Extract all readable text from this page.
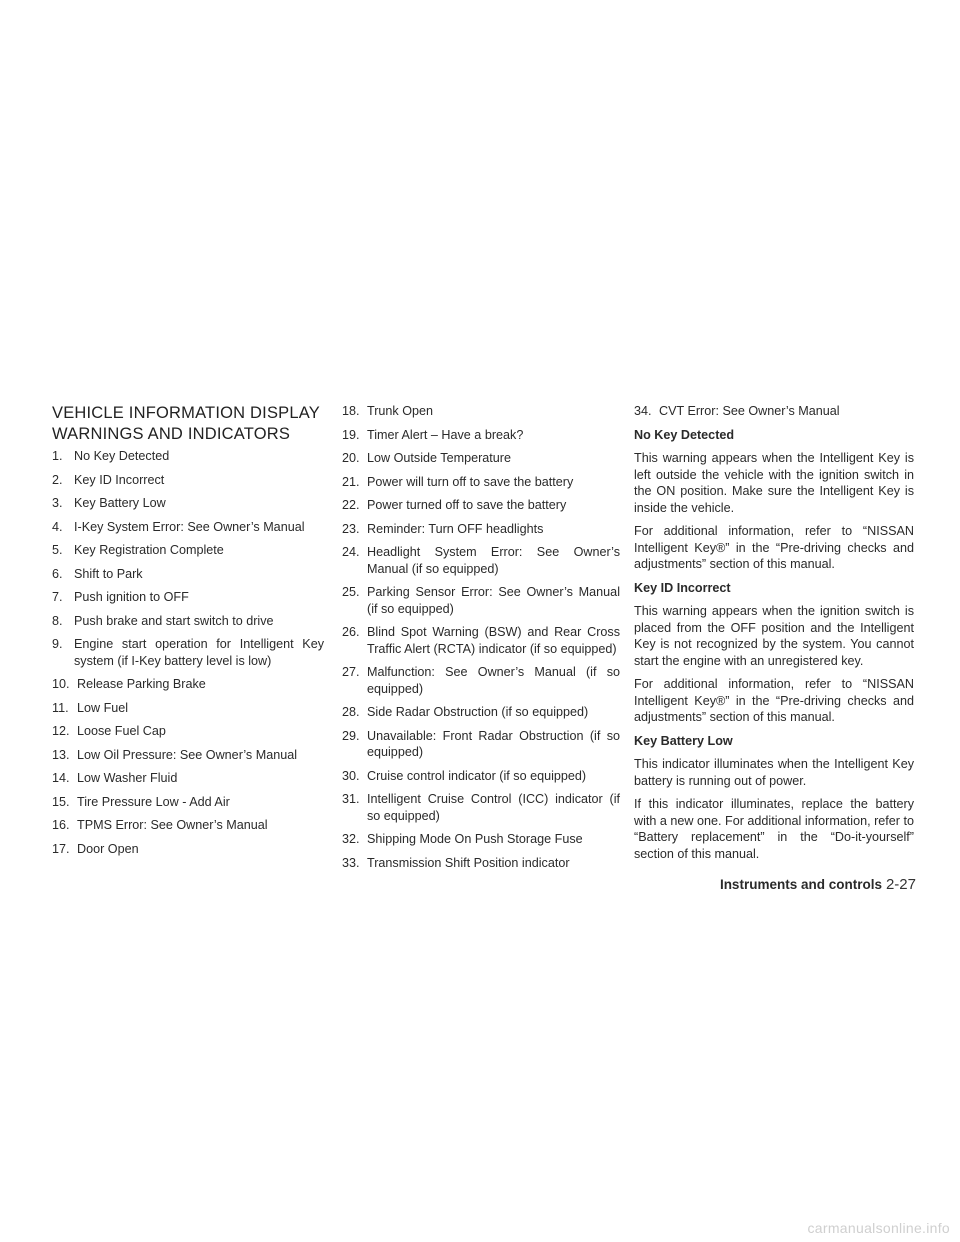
VEHICLE INFORMATION DISPLAY
WARNINGS AND INDICATORS
1. No Key Detected
2. Key ID Incorrect
3. Key Battery Low
4. I-Key System Error: See Owner’s Manual
5. Key Registration Complete
6. Shift to Park
7. Push ignition to OFF
8. Push brake and start switch to drive
9. Engine start operation for Intelligent Key system (if I-Key battery level is low)
10. Release Parking Brake
11. Low Fuel
12. Loose Fuel Cap
13. Low Oil Pressure: See Owner’s Manual
14. Low Washer Fluid
15. Tire Pressure Low - Add Air
16. TPMS Error: See Owner’s Manual
17. Door Open
18. Trunk Open
19. Timer Alert – Have a break?
20. Low Outside Temperature
21. Power will turn off to save the battery
22. Power turned off to save the battery
23. Reminder: Turn OFF headlights
24. Headlight System Error: See Owner’s Manual (if so equipped)
25. Parking Sensor Error: See Owner’s Manual (if so equipped)
26. Blind Spot Warning (BSW) and Rear Cross Traffic Alert (RCTA) indicator (if so equipped)
27. Malfunction: See Owner’s Manual (if so equipped)
28. Side Radar Obstruction (if so equipped)
29. Unavailable: Front Radar Obstruction (if so equipped)
30. Cruise control indicator (if so equipped)
31. Intelligent Cruise Control (ICC) indicator (if so equipped)
32. Shipping Mode On Push Storage Fuse
33. Transmission Shift Position indicator
34. CVT Error: See Owner’s Manual
No Key Detected
This warning appears when the Intelligent Key is left outside the vehicle with the ignition switch in the ON position. Make sure the Intelligent Key is inside the vehicle.
For additional information, refer to “NISSAN Intelligent Key®” in the “Pre-driving checks and adjustments” section of this manual.
Key ID Incorrect
This warning appears when the ignition switch is placed from the OFF position and the Intelligent Key is not recognized by the system. You cannot start the engine with an unregistered key.
For additional information, refer to “NISSAN Intelligent Key®” in the “Pre-driving checks and adjustments” section of this manual.
Key Battery Low
This indicator illuminates when the Intelligent Key battery is running out of power.
If this indicator illuminates, replace the battery with a new one. For additional information, refer to “Battery replacement” in the “Do-it-yourself” section of this manual.
Instruments and controls 2-27
carmanualsonline.info
